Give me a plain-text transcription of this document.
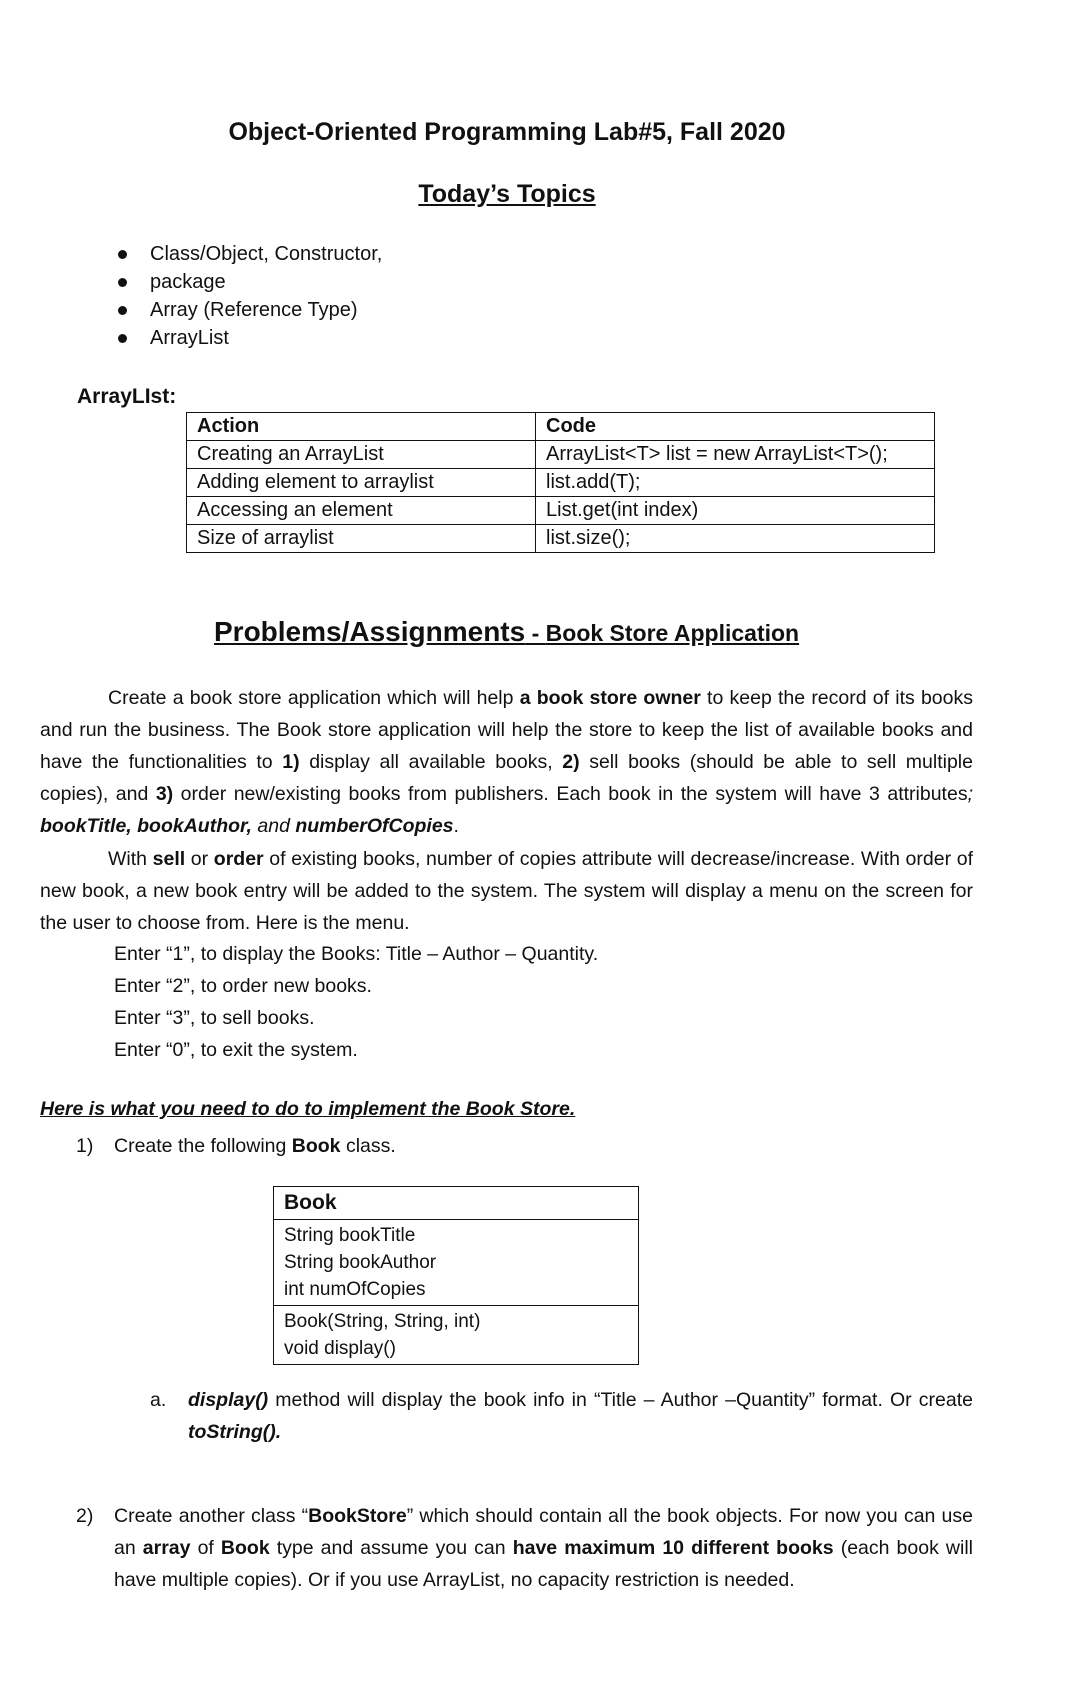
Object-Oriented Programming Lab#5, Fall 2020
Today’s Topics
Class/Object, Constructor,
package
Array (Reference Type)
ArrayList

ArrayLIst:

Action	Code
Creating an ArrayList	ArrayList<T> list = new ArrayList<T>();
Adding element to arraylist	list.add(T);
Accessing an element	List.get(int index)
Size of arraylist	list.size();
Problems/Assignments - Book Store Application

Create a book store application which will help a book store owner to keep the record of its books and run the business. The Book store application will help the store to keep the list of available books and have the functionalities to 1) display all available books, 2) sell books (should be able to sell multiple copies), and 3) order new/existing books from publishers. Each book in the system will have 3 attributes; bookTitle, bookAuthor, and numberOfCopies.

With sell or order of existing books, number of copies attribute will decrease/increase. With order of new book, a new book entry will be added to the system. The system will display a menu on the screen for the user to choose from. Here is the menu.

Enter “1”, to display the Books: Title – Author – Quantity.
Enter “2”, to order new books.
Enter “3”, to sell books.
Enter “0”, to exit the system.

Here is what you need to do to implement the Book Store.

1) Create the following Book class.

Book
String bookTitle
String bookAuthor
int numOfCopies
Book(String, String, int)
void display()

a. display() method will display the book info in “Title – Author –Quantity” format. Or create toString().

2) Create another class “BookStore” which should contain all the book objects. For now you can use an array of Book type and assume you can have maximum 10 different books (each book will have multiple copies). Or if you use ArrayList, no capacity restriction is needed.
